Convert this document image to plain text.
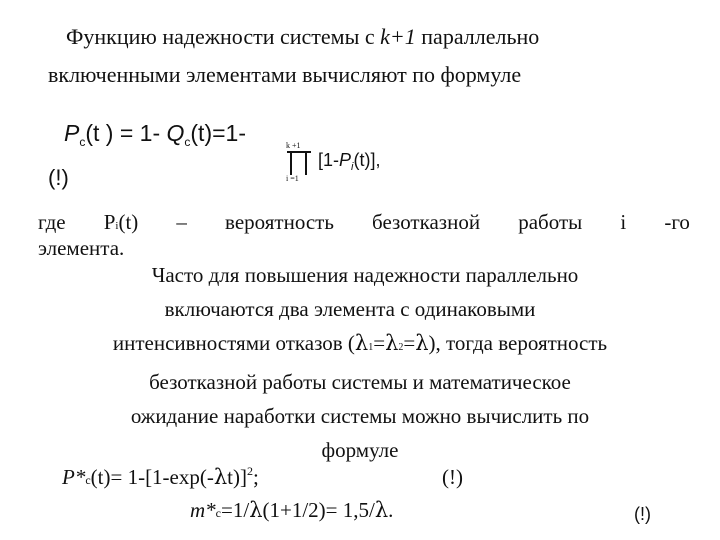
Функцию надежности системы с k+1 параллельно
включенными элементами вычисляют по формуле
$P_c(t$ ) = 1- $Q_c(t)=1-$	k +1
i =1
$[1-P_i(t)]$,
(!)
где Pi(t) – вероятность безотказной работы i -го
элемента.
Часто для повышения надежности параллельно
включаются два элемента с одинаковыми
интенсивностями отказов (λ1=λ2=λ), тогда вероятность
безотказной работы системы и математическое
ожидание наработки системы можно вычислить по
формуле
$P*c(t)= 1-[1-\exp(-\lambda t)]^2$;	(!)
m*c=1/λ(1+1/2)= 1,5/λ.	(!)
